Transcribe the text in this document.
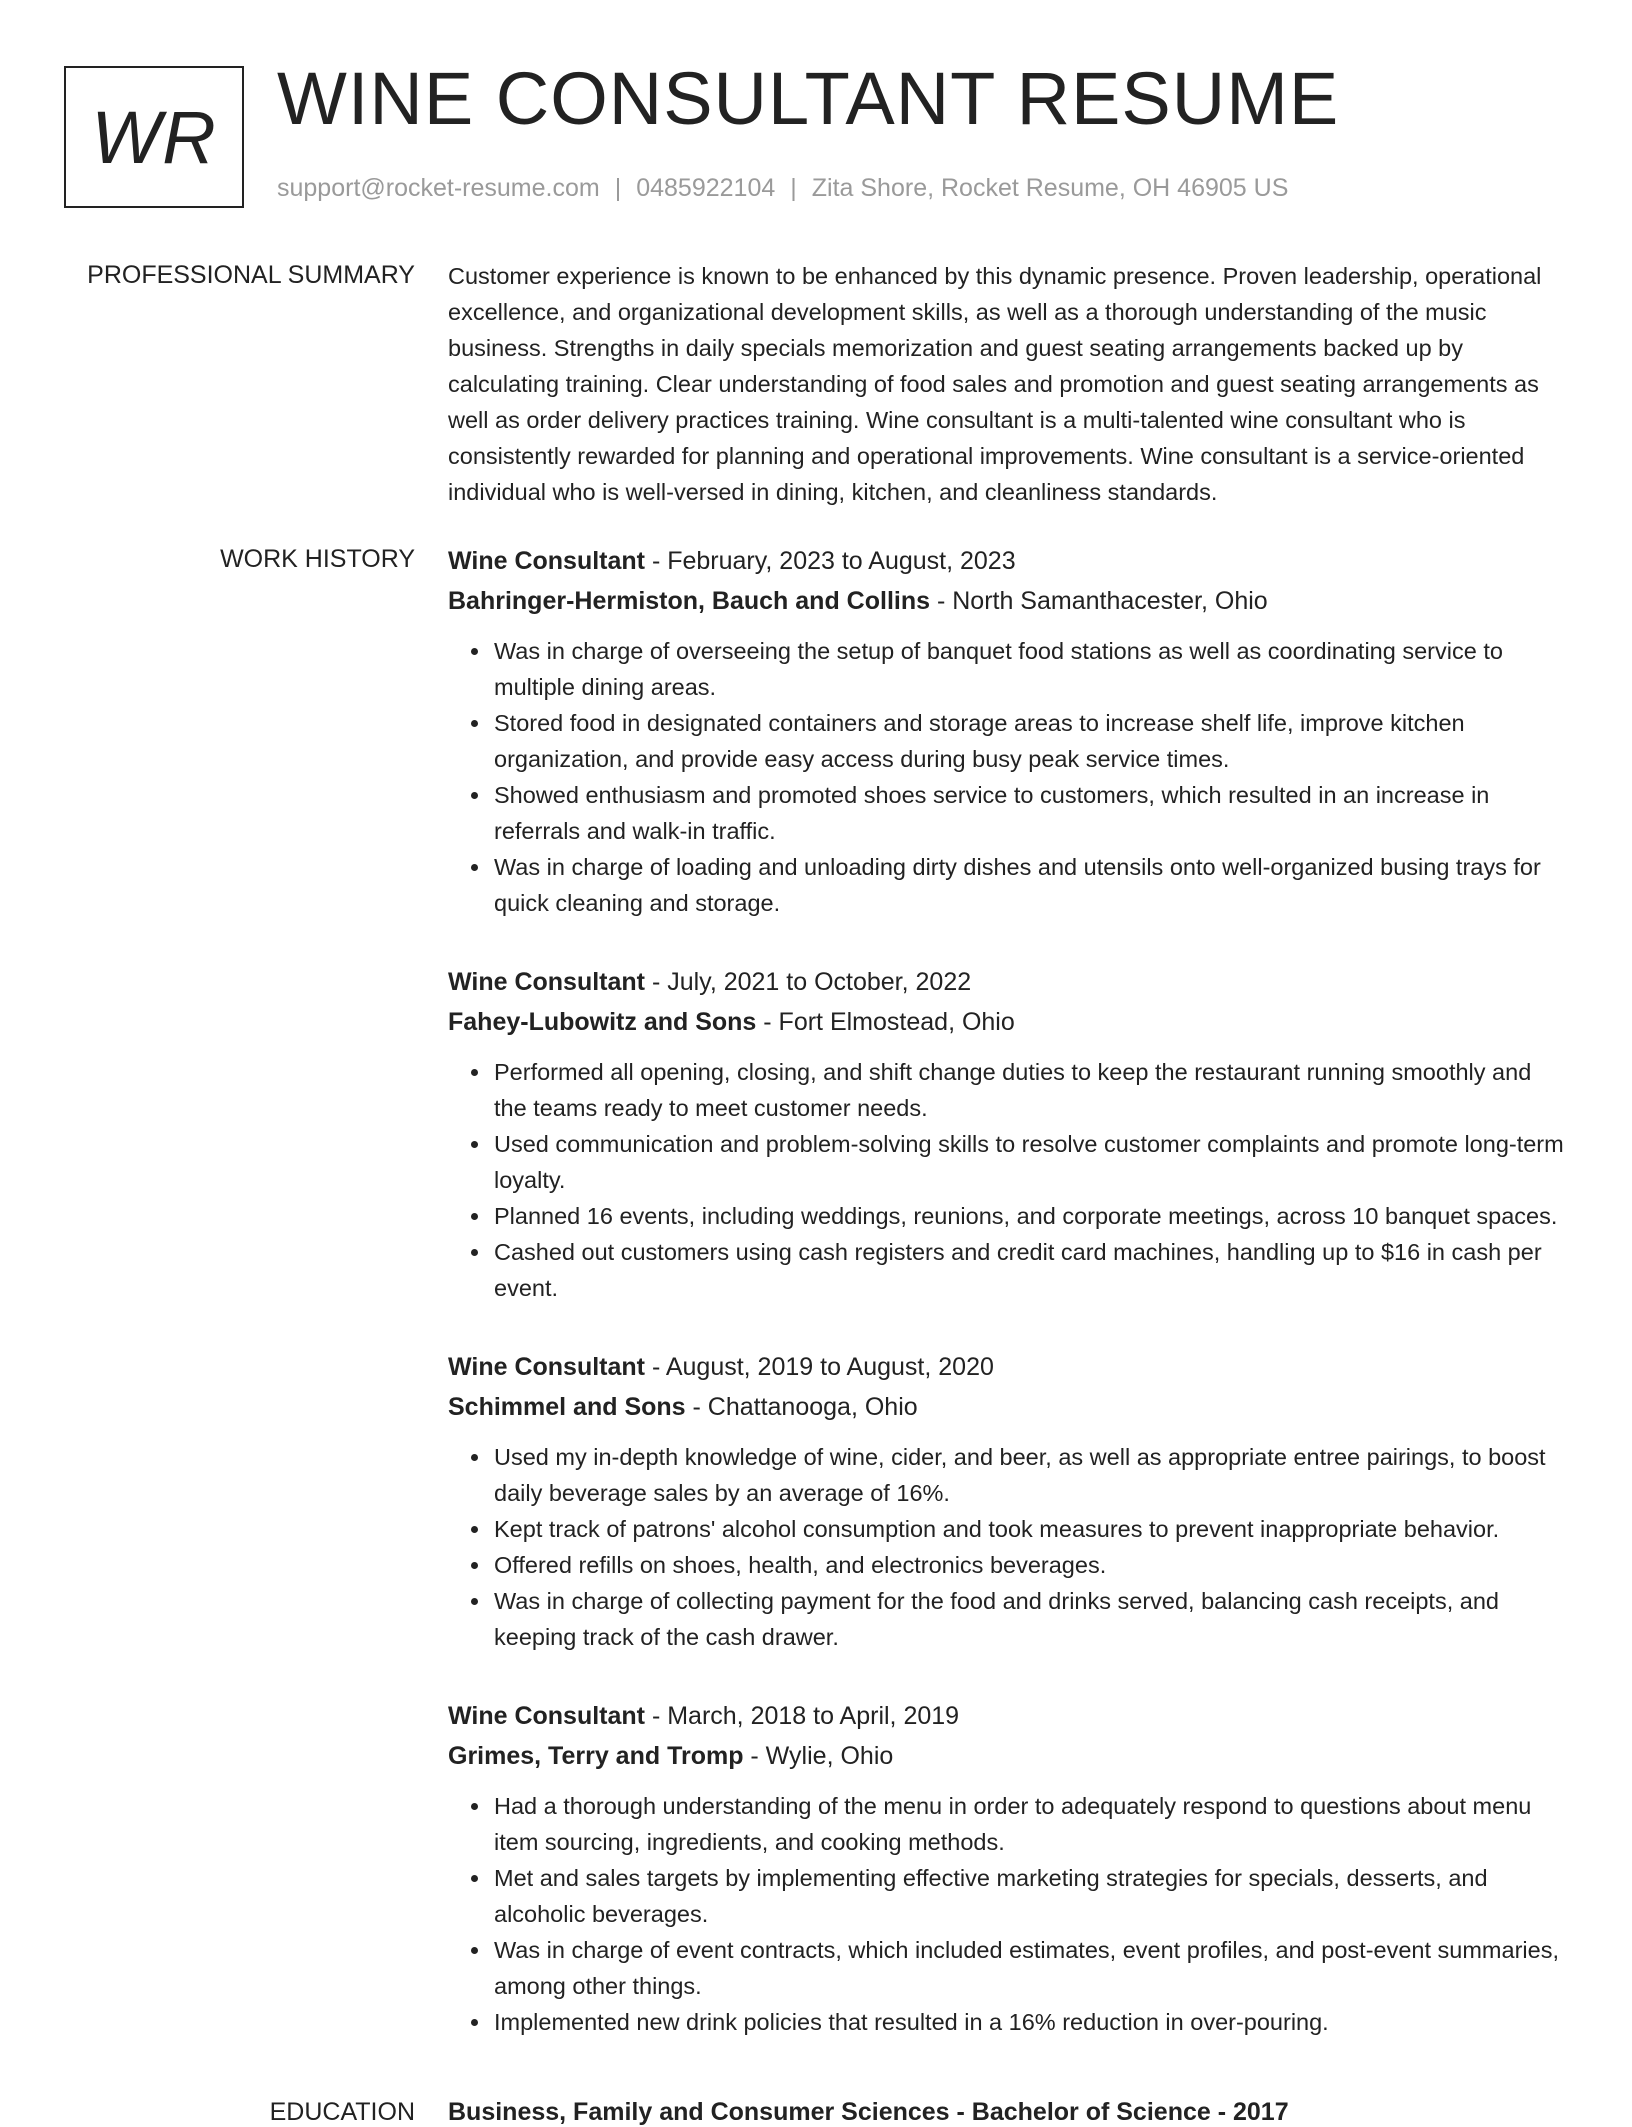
WR WINE CONSULTANT RESUME
support@rocket-resume.com | 0485922104 | Zita Shore, Rocket Resume, OH 46905 US
PROFESSIONAL SUMMARY Customer experience is known to be enhanced by this dynamic presence. Proven leadership, operational excellence, and organizational development skills, as well as a thorough understanding of the music business. Strengths in daily specials memorization and guest seating arrangements backed up by calculating training. Clear understanding of food sales and promotion and guest seating arrangements as well as order delivery practices training. Wine consultant is a multi-talented wine consultant who is consistently rewarded for planning and operational improvements. Wine consultant is a service-oriented individual who is well-versed in dining, kitchen, and cleanliness standards.

WORK HISTORY Wine Consultant - February, 2023 to August, 2023
Bahringer-Hermiston, Bauch and Collins - North Samanthacester, Ohio
• Was in charge of overseeing the setup of banquet food stations as well as coordinating service to multiple dining areas.
• Stored food in designated containers and storage areas to increase shelf life, improve kitchen organization, and provide easy access during busy peak service times.
• Showed enthusiasm and promoted shoes service to customers, which resulted in an increase in referrals and walk-in traffic.
• Was in charge of loading and unloading dirty dishes and utensils onto well-organized busing trays for quick cleaning and storage.
Wine Consultant - July, 2021 to October, 2022
Fahey-Lubowitz and Sons - Fort Elmostead, Ohio
• Performed all opening, closing, and shift change duties to keep the restaurant running smoothly and the teams ready to meet customer needs.
• Used communication and problem-solving skills to resolve customer complaints and promote long-term loyalty.
• Planned 16 events, including weddings, reunions, and corporate meetings, across 10 banquet spaces.
• Cashed out customers using cash registers and credit card machines, handling up to $16 in cash per event.
Wine Consultant - August, 2019 to August, 2020
Schimmel and Sons - Chattanooga, Ohio
• Used my in-depth knowledge of wine, cider, and beer, as well as appropriate entree pairings, to boost daily beverage sales by an average of 16%.
• Kept track of patrons' alcohol consumption and took measures to prevent inappropriate behavior.
• Offered refills on shoes, health, and electronics beverages.
• Was in charge of collecting payment for the food and drinks served, balancing cash receipts, and keeping track of the cash drawer.
Wine Consultant - March, 2018 to April, 2019
Grimes, Terry and Tromp - Wylie, Ohio
• Had a thorough understanding of the menu in order to adequately respond to questions about menu item sourcing, ingredients, and cooking methods.
• Met and sales targets by implementing effective marketing strategies for specials, desserts, and alcoholic beverages.
• Was in charge of event contracts, which included estimates, event profiles, and post-event summaries, among other things.
• Implemented new drink policies that resulted in a 16% reduction in over-pouring.
EDUCATION Business, Family and Consumer Sciences - Bachelor of Science - 2017
